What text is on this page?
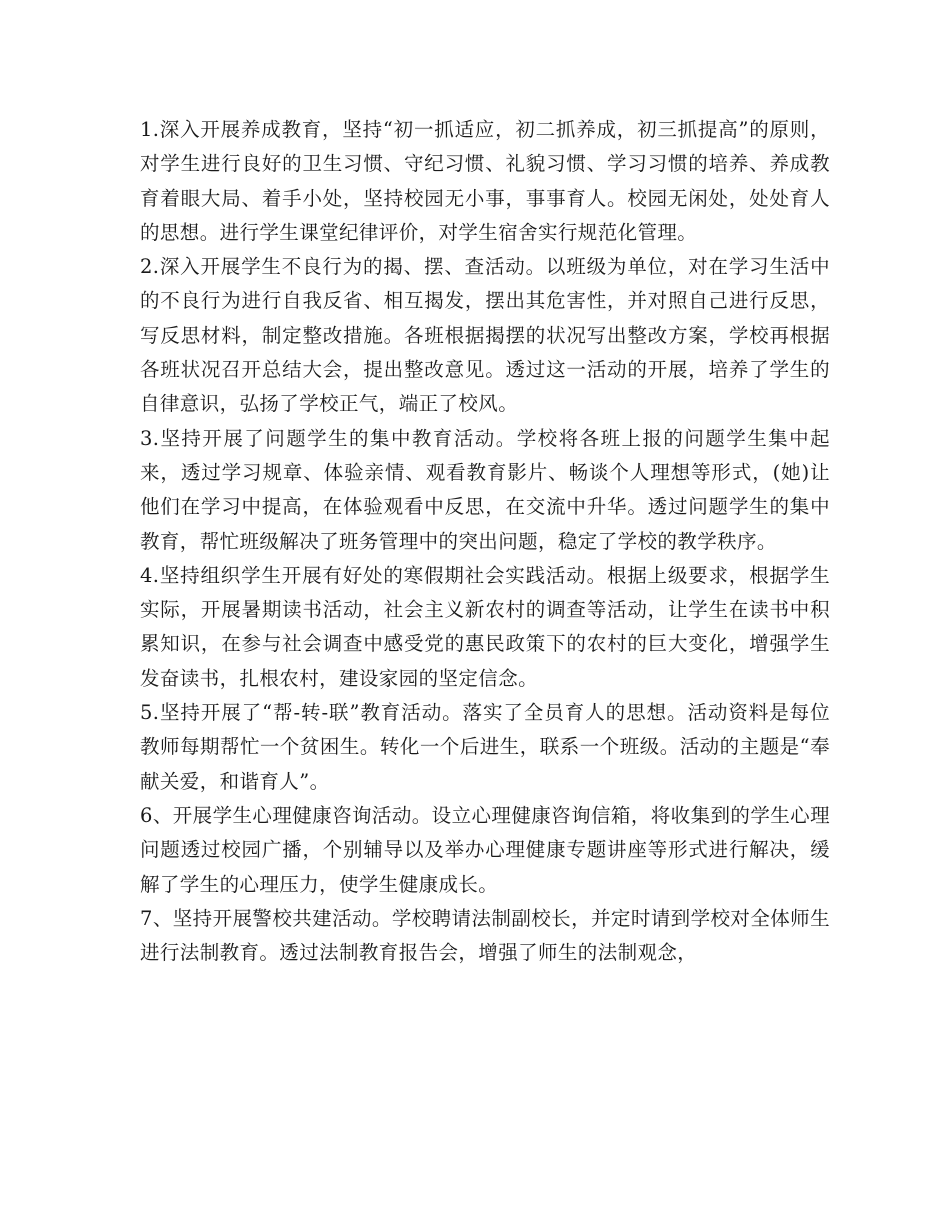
1.深入开展养成教育，坚持“初一抓适应，初二抓养成，初三抓提高”的原则，对学生进行良好的卫生习惯、守纪习惯、礼貌习惯、学习习惯的培养、养成教育着眼大局、着手小处，坚持校园无小事，事事育人。校园无闲处，处处育人的思想。进行学生课堂纪律评价，对学生宿舍实行规范化管理。

2.深入开展学生不良行为的揭、摆、查活动。以班级为单位，对在学习生活中的不良行为进行自我反省、相互揭发，摆出其危害性，并对照自己进行反思，写反思材料，制定整改措施。各班根据揭摆的状况写出整改方案，学校再根据各班状况召开总结大会，提出整改意见。透过这一活动的开展，培养了学生的自律意识，弘扬了学校正气，端正了校风。

3.坚持开展了问题学生的集中教育活动。学校将各班上报的问题学生集中起来，透过学习规章、体验亲情、观看教育影片、畅谈个人理想等形式，(她)让他们在学习中提高，在体验观看中反思，在交流中升华。透过问题学生的集中教育，帮忙班级解决了班务管理中的突出问题，稳定了学校的教学秩序。

4.坚持组织学生开展有好处的寒假期社会实践活动。根据上级要求，根据学生实际，开展暑期读书活动，社会主义新农村的调查等活动，让学生在读书中积累知识，在参与社会调查中感受党的惠民政策下的农村的巨大变化，增强学生发奋读书，扎根农村，建设家园的坚定信念。

5.坚持开展了“帮-转-联”教育活动。落实了全员育人的思想。活动资料是每位教师每期帮忙一个贫困生。转化一个后进生，联系一个班级。活动的主题是“奉献关爱，和谐育人”。

6、开展学生心理健康咨询活动。设立心理健康咨询信箱，将收集到的学生心理问题透过校园广播，个别辅导以及举办心理健康专题讲座等形式进行解决，缓解了学生的心理压力，使学生健康成长。

7、坚持开展警校共建活动。学校聘请法制副校长，并定时请到学校对全体师生进行法制教育。透过法制教育报告会，增强了师生的法制观念，
